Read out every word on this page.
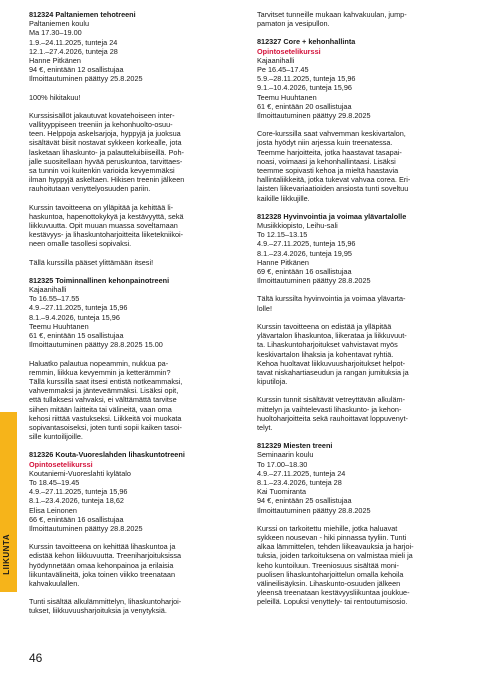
LIIKUNTA
812324 Paltaniemen tehotreeni
Paltaniemen koulu
Ma 17.30–19.00
1.9.–24.11.2025, tunteja 24
12.1.–27.4.2026, tunteja 28
Hanne Pitkänen
94 €, enintään 12 osallistujaa
Ilmoittautuminen päättyy 25.8.2025
100% hikitakuu!
Kurssisisällöt jakautuvat kovatehoiseen inter-
vallityyppiseen treeniin ja kehonhuolto-osuu-
teen. Helppoja askelsarjoja, hyppyjä ja juoksua
sisältävät biisit nostavat sykkeen korkealle, jota
lasketaan lihaskunto- ja palautteluibiiseillä. Poh-
jalle suositellaan hyvää peruskuntoa, tarvittaes-
sa tunnin voi kuitenkin varioida kevyemmäksi
ilman hyppyjä askeltaen. Hikisen treenin jälkeen
rauhoitutaan venyttelyosuuden pariin.
Kurssin tavoitteena on ylläpitää ja kehittää li-
haskuntoa, hapenottokykyä ja kestävyyttä, sekä
liikkuvuutta. Opit muuan muassa soveltamaan
kestävyys- ja lihaskuntoharjoitteita liiketekniikoi-
neen omalle tasollesi sopivaksi.
Tällä kurssilla pääset ylittämään itsesi!
812325 Toiminnallinen kehonpainotreeni
Kajaanihalli
To 16.55–17.55
4.9.–27.11.2025, tunteja 15,96
8.1.–9.4.2026, tunteja 15,96
Teemu Huuhtanen
61 €, enintään 15 osallistujaa
Ilmoittautuminen päättyy 28.8.2025 15.00
Haluatko palautua nopeammin, nukkua pa-
remmin, liikkua kevyemmin ja ketterämmin?
Tällä kurssilla saat itsesi entistä notkeammaksi,
vahvemmaksi ja jänteveämmäksi. Lisäksi opit,
että tullaksesi vahvaksi, ei välttämättä tarvitse
siihen mitään laitteita tai välineitä, vaan oma
kehosi riittää vastukseksi. Liikkeitä voi muokata
sopivantasoiseksi, joten tunti sopii kaiken tasoi-
sille kuntoilijoille.
812326 Kouta-Vuoreslahden lihaskuntotreeni
Opintosetelikurssi
Koutaniemi-Vuoreslahti kylätalo
To 18.45–19.45
4.9.–27.11.2025, tunteja 15,96
8.1.–23.4.2026, tunteja 18,62
Elisa Leinonen
66 €, enintään 16 osallistujaa
Ilmoittautuminen päättyy 28.8.2025
Kurssin tavoitteena on kehittää lihaskuntoa ja
edistää kehon liikkuvuutta. Treeniharjoituksissa
hyödynnetään omaa kehonpainoa ja erilaisia
liikuntavälineitä, joka toinen viikko treenataan
kahvakuulallen.
Tunti sisältää alkulämmittelyn, lihaskuntoharjoi-
tukset, liikkuvuusharjoituksia ja venytyksiä.
Tarvitset tunneille mukaan kahvakuulan, jump-
pamaton ja vesipullon.
812327 Core + kehonhallinta
Opintosetelikurssi
Kajaanihalli
Pe 16.45–17.45
5.9.–28.11.2025, tunteja 15,96
9.1.–10.4.2026, tunteja 15,96
Teemu Huuhtanen
61 €, enintään 20 osallistujaa
Ilmoittautuminen päättyy 29.8.2025
Core-kurssilla saat vahvemman keskivartalon,
josta hyödyt niin arjessa kuin treenatessa.
Teemme harjoitteita, jotka haastavat tasapai-
noasi, voimaasi ja kehonhallintaasi. Lisäksi
teemme sopivasti kehoa ja mieltä haastavia
hallintaliikkeitä, jotka tukevat vahvaa corea. Eri-
laisten liikevariaatioiden ansiosta tunti soveltuu
kaikille liikkujille.
812328 Hyvinvointia ja voimaa ylävartalolle
Musiikkiopisto, Leihu-sali
To 12.15–13.15
4.9.–27.11.2025, tunteja 15,96
8.1.–23.4.2026, tunteja 19,95
Hanne Pitkänen
69 €, enintään 16 osallistujaa
Ilmoittautuminen päättyy 28.8.2025
Tältä kurssilta hyvinvointia ja voimaa ylävarta-
lolle!
Kurssin tavoitteena on edistää ja ylläpitää
ylävartalon lihaskuntoa, liikerataa ja liikkuvuut-
ta. Lihaskuntoharjoitukset vahvistavat myös
keskivartalon lihaksia ja kohentavat ryhtiä.
Kehoa huoltavat liikkuvuusharjoitukset helpot-
tavat niskahartiaseudun ja rangan jumituksia ja
kiputiloja.
Kurssin tunnit sisältävät vetreyttävän alkuläm-
mittelyn ja vaihtelevasti lihaskunto- ja kehon-
huoltoharjoitteita sekä rauhoittavat loppuvenyt-
telyt.
812329 Miesten treeni
Seminaarin koulu
To 17.00–18.30
4.9.–27.11.2025, tunteja 24
8.1.–23.4.2026, tunteja 28
Kai Tuomiranta
94 €, enintään 25 osallistujaa
Ilmoittautuminen päättyy 28.8.2025
Kurssi on tarkoitettu miehille, jotka haluavat
sykkeen nousevan - hiki pinnassa tyyliin. Tunti
alkaa lämmittelen, tehden liikeavauksia ja harjoi-
tuksia, joiden tarkoituksena on valmistaa mieli ja
keho kuntoiluun. Treeniosuus sisältää moni-
puolisen lihaskuntoharjoittelun omalla kehoila
välineilisäyksin. Lihaskunto-osuuden jälkeen
yleensä treenataan kestävyysliikuntaa joukkue-
peleillä. Lopuksi venyttely- tai rentoutumisosio.
46
